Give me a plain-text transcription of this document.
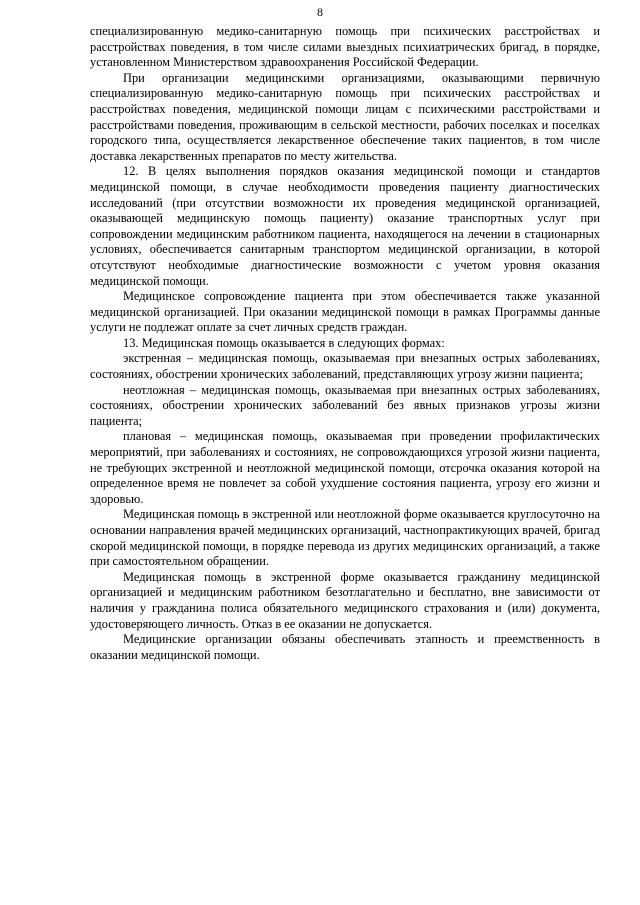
8

специализированную медико-санитарную помощь при психических расстройствах и расстройствах поведения, в том числе силами выездных психиатрических бригад, в порядке, установленном Министерством здравоохранения Российской Федерации.

При организации медицинскими организациями, оказывающими первичную специализированную медико-санитарную помощь при психических расстройствах и расстройствах поведения, медицинской помощи лицам с психическими расстройствами и расстройствами поведения, проживающим в сельской местности, рабочих поселках и поселках городского типа, осуществляется лекарственное обеспечение таких пациентов, в том числе доставка лекарственных препаратов по месту жительства.

12. В целях выполнения порядков оказания медицинской помощи и стандартов медицинской помощи, в случае необходимости проведения пациенту диагностических исследований (при отсутствии возможности их проведения медицинской организацией, оказывающей медицинскую помощь пациенту) оказание транспортных услуг при сопровождении медицинским работником пациента, находящегося на лечении в стационарных условиях, обеспечивается санитарным транспортом медицинской организации, в которой отсутствуют необходимые диагностические возможности с учетом уровня оказания медицинской помощи.

Медицинское сопровождение пациента при этом обеспечивается также указанной медицинской организацией. При оказании медицинской помощи в рамках Программы данные услуги не подлежат оплате за счет личных средств граждан.

13. Медицинская помощь оказывается в следующих формах:

экстренная – медицинская помощь, оказываемая при внезапных острых заболеваниях, состояниях, обострении хронических заболеваний, представляющих угрозу жизни пациента;

неотложная – медицинская помощь, оказываемая при внезапных острых заболеваниях, состояниях, обострении хронических заболеваний без явных признаков угрозы жизни пациента;

плановая – медицинская помощь, оказываемая при проведении профилактических мероприятий, при заболеваниях и состояниях, не сопровождающихся угрозой жизни пациента, не требующих экстренной и неотложной медицинской помощи, отсрочка оказания которой на определенное время не повлечет за собой ухудшение состояния пациента, угрозу его жизни и здоровью.

Медицинская помощь в экстренной или неотложной форме оказывается круглосуточно на основании направления врачей медицинских организаций, частнопрактикующих врачей, бригад скорой медицинской помощи, в порядке перевода из других медицинских организаций, а также при самостоятельном обращении.

Медицинская помощь в экстренной форме оказывается гражданину медицинской организацией и медицинским работником безотлагательно и бесплатно, вне зависимости от наличия у гражданина полиса обязательного медицинского страхования и (или) документа, удостоверяющего личность. Отказ в ее оказании не допускается.

Медицинские организации обязаны обеспечивать этапность и преемственность в оказании медицинской помощи.
